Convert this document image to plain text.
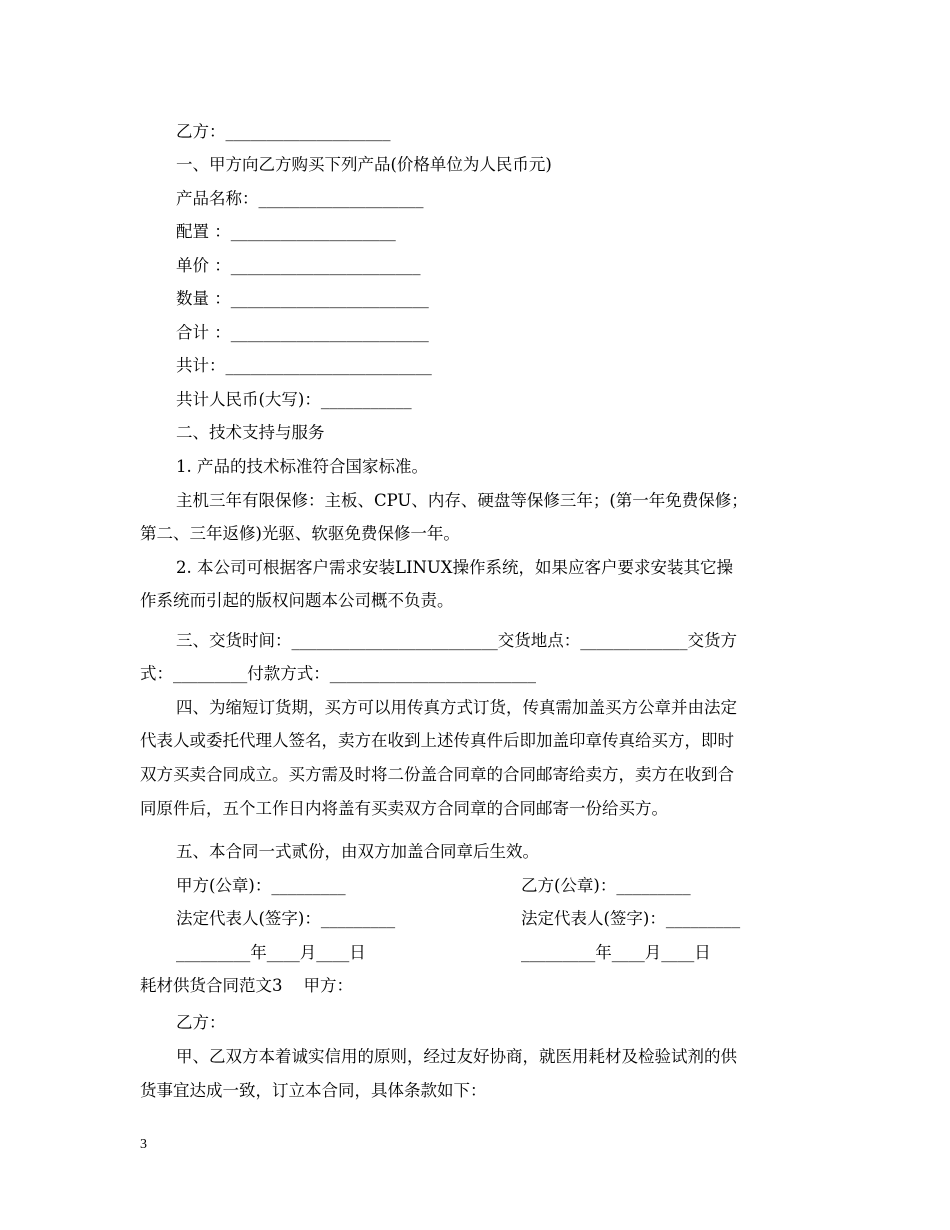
乙方：____________________
一、甲方向乙方购买下列产品(价格单位为人民币元)
产品名称：____________________
配置 ：____________________
单价 ：_______________________
数量 ：________________________
合计 ：________________________
共计：_________________________
共计人民币(大写)：___________
二、技术支持与服务
1. 产品的技术标准符合国家标准。
主机三年有限保修：主板、CPU、内存、硬盘等保修三年；(第一年免费保修；
第二、三年返修)光驱、软驱免费保修一年。
2. 本公司可根据客户需求安装LINUX操作系统，如果应客户要求安装其它操
作系统而引起的版权问题本公司概不负责。
三、交货时间：_________________________交货地点：_____________交货方
式：_________付款方式：_________________________
四、为缩短订货期，买方可以用传真方式订货，传真需加盖买方公章并由法定
代表人或委托代理人签名，卖方在收到上述传真件后即加盖印章传真给买方，即时
双方买卖合同成立。买方需及时将二份盖合同章的合同邮寄给卖方，卖方在收到合
同原件后，五个工作日内将盖有买卖双方合同章的合同邮寄一份给买方。
五、本合同一式贰份，由双方加盖合同章后生效。
甲方(公章)：_________	乙方(公章)：_________
法定代表人(签字)：_________	法定代表人(签字)：_________
_________年____月____日	_________年____月____日
耗材供货合同范文3    甲方：
乙方：
甲、乙双方本着诚实信用的原则，经过友好协商，就医用耗材及检验试剂的供
货事宜达成一致，订立本合同，具体条款如下：
3
